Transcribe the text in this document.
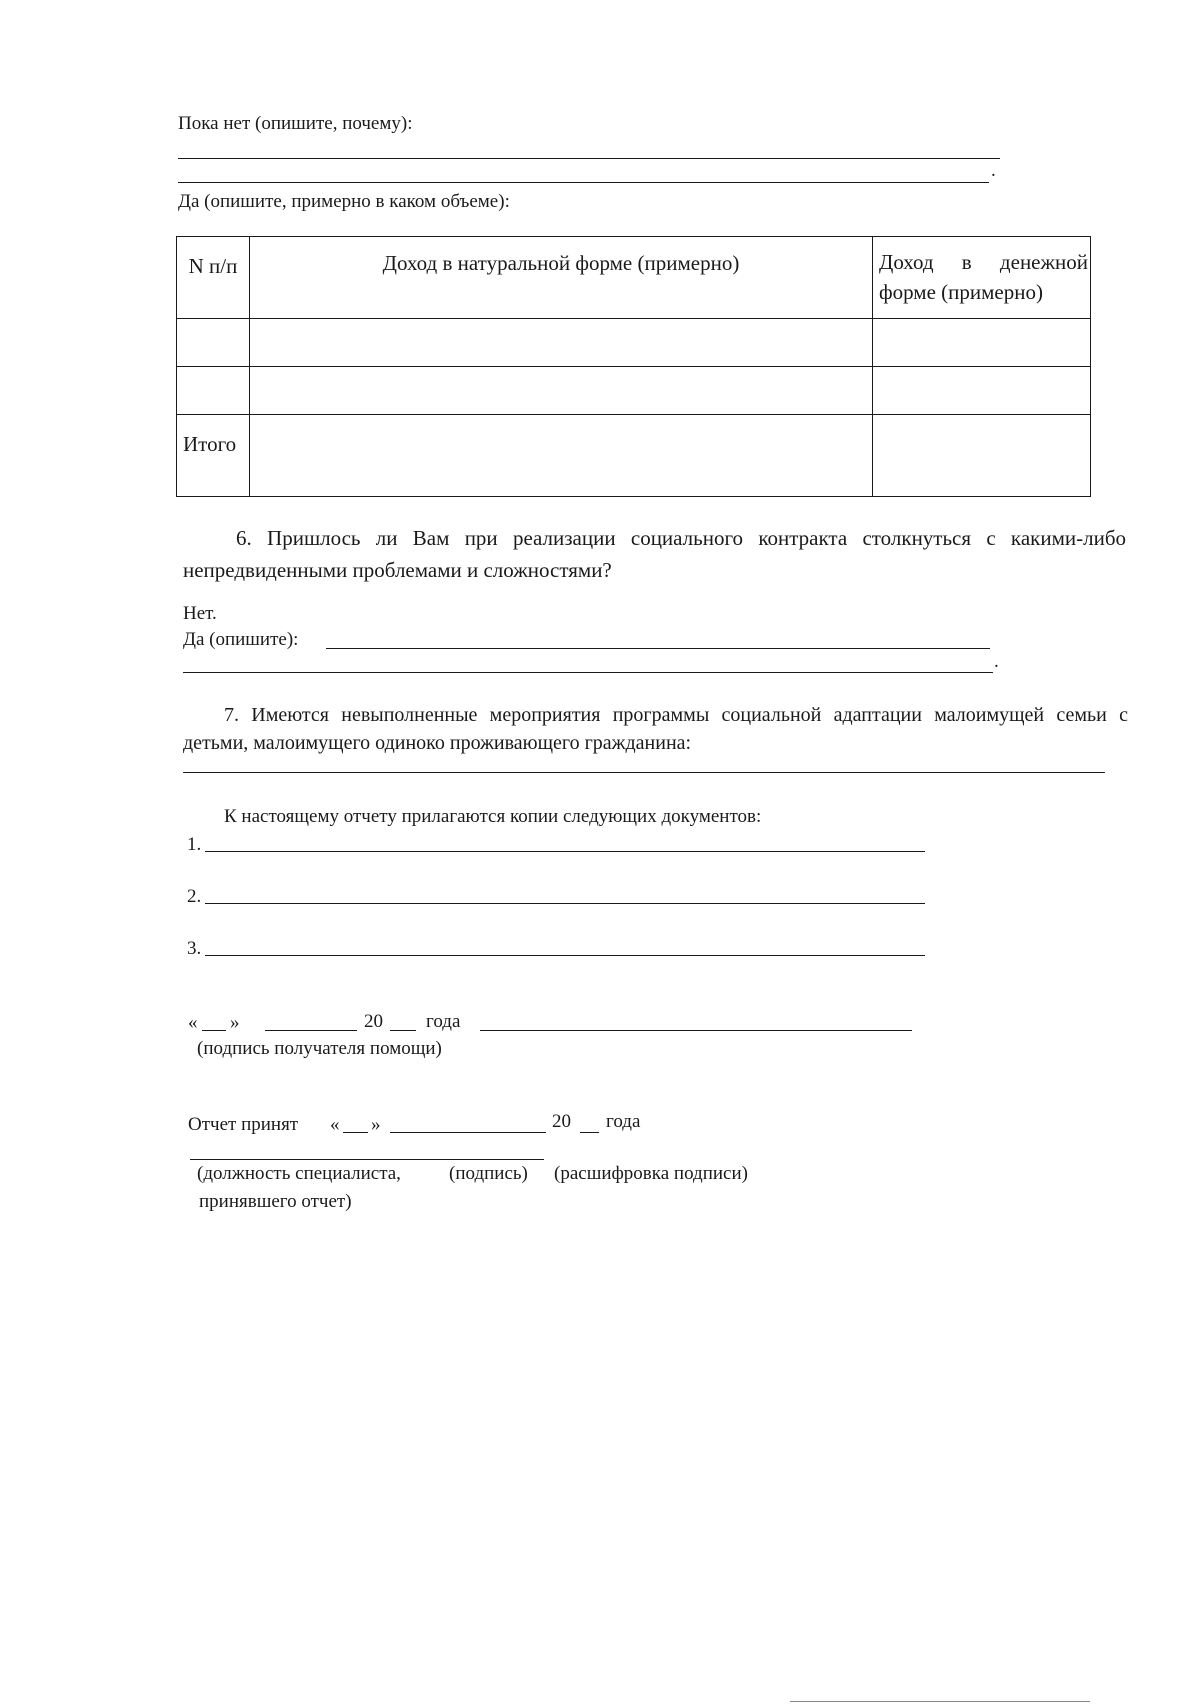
Пока нет (опишите, почему):
.
Да (опишите, примерно в каком объеме):
N п/п	Доход в натуральной форме (примерно)	Доход в денежной форме (примерно)

Итого		
6. Пришлось ли Вам при реализации социального контракта столкнуться с какими-либо непредвиденными проблемами и сложностями?
Нет.
Да (опишите):
.
7. Имеются невыполненные мероприятия программы социальной адаптации малоимущей семьи с детьми, малоимущего одиноко проживающего гражданина:
К настоящему отчету прилагаются копии следующих документов:
1.
2.
3.
« »	20 года
(подпись получателя помощи)
Отчет принят « »	20 года
(должность специалиста,	(подпись) (расшифровка подписи)
принявшего отчет)
